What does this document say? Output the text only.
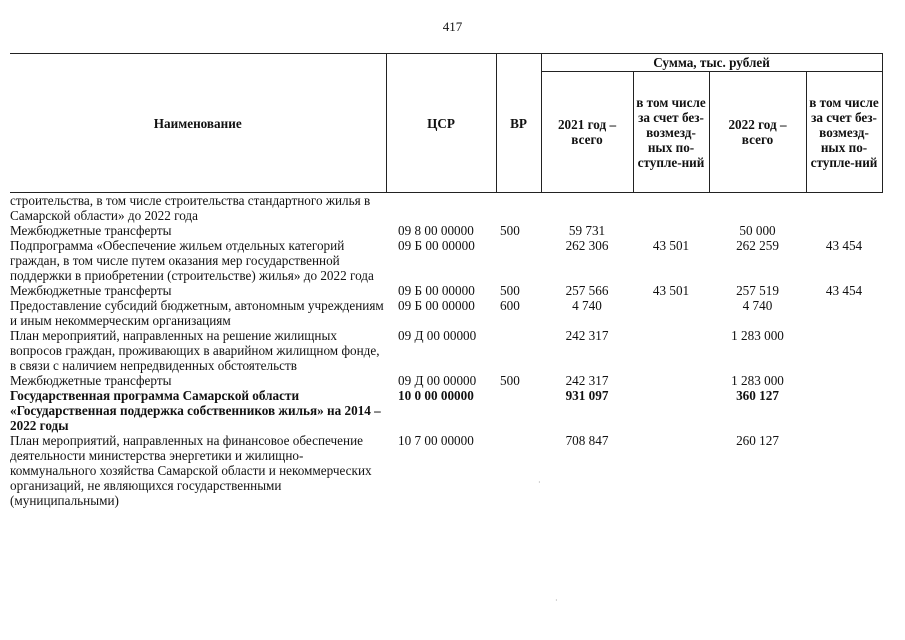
417
Наименование	ЦСР	ВР	Сумма, тыс. рублей			
			2021 год – всего	в том числе за счет без-возмезд-ных по-ступле-ний	2022 год – всего	в том числе за счет без-возмезд-ных по-ступле-ний
строительства, в том числе строительства стандартного жилья в Самарской области» до 2022 года						
Межбюджетные трансферты	09 8 00 00000	500	59 731		50 000	
Подпрограмма «Обеспечение жильем отдельных категорий граждан, в том числе путем оказания мер государственной поддержки в приобретении (строительстве) жилья» до 2022 года	09 Б 00 00000		262 306	43 501	262 259	43 454
Межбюджетные трансферты	09 Б 00 00000	500	257 566	43 501	257 519	43 454
Предоставление субсидий бюджетным, автономным учреждениям и иным некоммерческим организациям	09 Б 00 00000	600	4 740		4 740	
План мероприятий, направленных на решение жилищных вопросов граждан, проживающих в аварийном жилищном фонде, в связи с наличием непредвиденных обстоятельств	09 Д 00 00000		242 317		1 283 000	
Межбюджетные трансферты	09 Д 00 00000	500	242 317		1 283 000	
Государственная программа Самарской области «Государственная поддержка собственников жилья» на 2014 – 2022 годы	10 0 00 00000		931 097		360 127	
План мероприятий, направленных на финансовое обеспечение деятельности министерства энергетики и жилищно-коммунального хозяйства Самарской области и некоммерческих организаций, не являющихся государственными (муниципальными)	10 7 00 00000		708 847		260 127	
·
·
